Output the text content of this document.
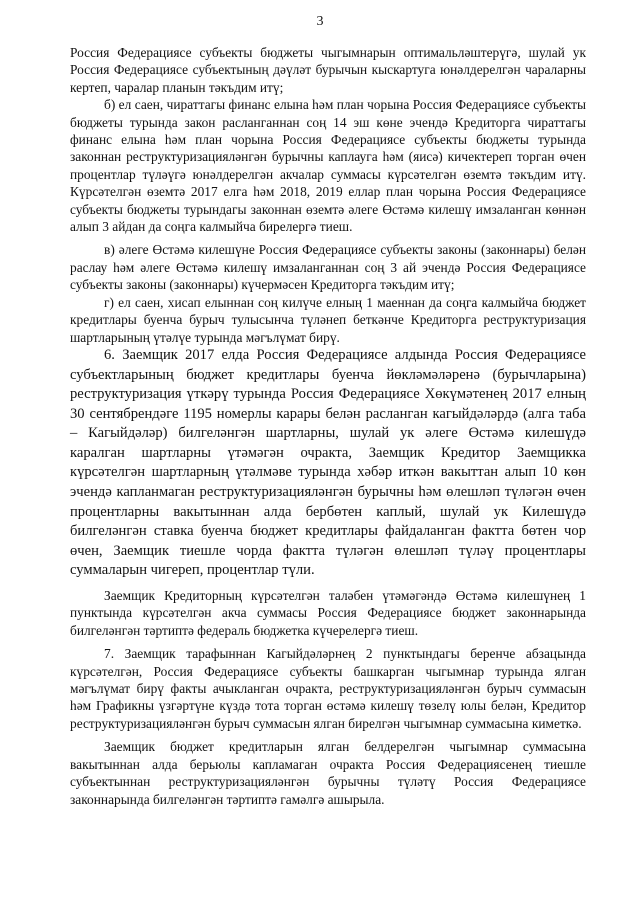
3

Россия Федерациясе субъекты бюджеты чыгымнарын оптимальләштерүгә, шулай ук Россия Федерациясе субъектының дәүләт бурычын кыскартуга юнәлдерелгән чараларны кертеп, чаралар планын тәкъдим итү;

б) ел саен, чираттагы финанс елына һәм план чорына Россия Федерациясе субъекты бюджеты турында закон расланганнан соң 14 эш көне эчендә Кредиторга чираттагы финанс елына һәм план чорына Россия Федерациясе субъекты бюджеты турында законнан реструктуризацияләнгән бурычны каплауга һәм (яисә) кичектереп торган өчен процентлар түләүгә юнәлдерелгән акчалар суммасы күрсәтелгән өземтә тәкъдим итү. Күрсәтелгән өземтә 2017 елга һәм 2018, 2019 еллар план чорына Россия Федерациясе субъекты бюджеты турындагы законнан өземтә әлеге Өстәмә килешү имзаланган көннән алып 3 айдан да соңга калмыйча бирелергә тиеш.

в) әлеге Өстәмә килешүне Россия Федерациясе субъекты законы (законнары) белән раслау һәм әлеге Өстәмә килешү имзаланганнан соң 3 ай эчендә Россия Федерациясе субъекты законы (законнары) күчермәсен Кредиторга тәкъдим итү;

г) ел саен, хисап елыннан соң килүче елның 1 маеннан да соңга калмыйча бюджет кредитлары буенча бурыч тулысынча түләнеп беткәнче Кредиторга реструктуризация шартларының үтәлүе турында мәгълүмат бирү.

6. Заемщик 2017 елда Россия Федерациясе алдында Россия Федерациясе субъектларының бюджет кредитлары буенча йөкләмәләренә (бурычларына) реструктуризация үткәрү турында Россия Федерациясе Хөкүмәтенең 2017 елның 30 сентябрендәге 1195 номерлы карары белән расланган кагыйдәләрдә (алга таба – Кагыйдәләр) билгеләнгән шартларны, шулай ук әлеге Өстәмә килешүдә каралган шартларны үтәмәгән очракта, Заемщик Кредитор Заемщикка күрсәтелгән шартларның үтәлмәве турында хәбәр иткән вакыттан алып 10 көн эчендә капланмаган реструктуризацияләнгән бурычны һәм өлешләп түләгән өчен процентларны вакытыннан алда бербөтен каплый, шулай ук Килешүдә билгеләнгән ставка буенча бюджет кредитлары файдаланган фактта бөтен чор өчен, Заемщик тиешле чорда фактта түләгән өлешләп түләү процентлары суммаларын чигереп, процентлар түли.

Заемщик Кредиторның күрсәтелгән таләбен үтәмәгәндә Өстәмә килешүнең 1 пунктында күрсәтелгән акча суммасы Россия Федерациясе бюджет законнарында билгеләнгән тәртиптә федераль бюджетка күчерелергә тиеш.

7. Заемщик тарафыннан Кагыйдәләрнең 2 пунктындагы беренче абзацында күрсәтелгән, Россия Федерациясе субъекты башкарган чыгымнар турында ялган мәгълүмат бирү факты ачыкланган очракта, реструктуризацияләнгән бурыч суммасын һәм Графикны үзгәртүне күздә тота торган өстәмә килешү төзелү юлы белән, Кредитор реструктуризацияләнгән бурыч суммасын ялган бирелгән чыгымнар суммасына киметкә.

Заемщик бюджет кредитларын ялган белдерелгән чыгымнар суммасына вакытыннан алда берьюлы капламаган очракта Россия Федерациясенең тиешле субъектыннан реструктуризацияләнгән бурычны түләтү Россия Федерациясе законнарында билгеләнгән тәртиптә гамәлгә ашырыла.
